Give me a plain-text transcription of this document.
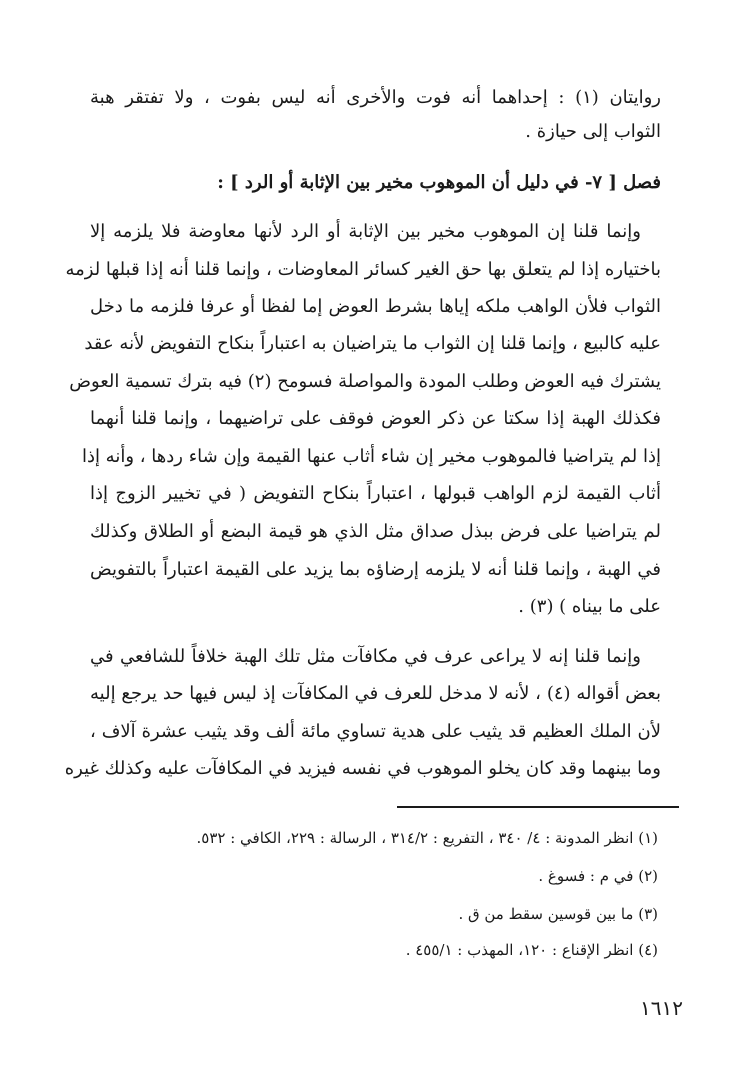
روايتان (١) : إحداهما أنه فوت والأخرى أنه ليس بفوت ، ولا تفتقر هبة
الثواب إلى حيازة .
فصل [ ٧- في دليل أن الموهوب مخير بين الإثابة أو الرد ] :
وإنما قلنا إن الموهوب مخير بين الإثابة أو الرد لأنها معاوضة فلا يلزمه إلا
باختياره إذا لم يتعلق بها حق الغير كسائر المعاوضات ، وإنما قلنا أنه إذا قبلها لزمه
الثواب فلأن الواهب ملكه إياها بشرط العوض إما لفظا أو عرفا فلزمه ما دخل
عليه كالبيع ، وإنما قلنا إن الثواب ما يتراضيان به اعتباراً بنكاح التفويض لأنه عقد
يشترك فيه العوض وطلب المودة والمواصلة فسومح (٢) فيه بترك تسمية العوض
فكذلك الهبة إذا سكتا عن ذكر العوض فوقف على تراضيهما ، وإنما قلنا أنهما
إذا لم يتراضيا فالموهوب مخير إن شاء أثاب عنها القيمة وإن شاء ردها ، وأنه إذا
أثاب القيمة لزم الواهب قبولها ، اعتباراً بنكاح التفويض ( في تخيير الزوج إذا
لم يتراضيا على فرض ببذل صداق مثل الذي هو قيمة البضع أو الطلاق وكذلك
في الهبة ، وإنما قلنا أنه لا يلزمه إرضاؤه بما يزيد على القيمة اعتباراً بالتفويض
على ما بيناه ) (٣) .
وإنما قلنا إنه لا يراعى عرف في مكافآت مثل تلك الهبة خلافاً للشافعي في
بعض أقواله (٤) ، لأنه لا مدخل للعرف في المكافآت إذ ليس فيها حد يرجع إليه
لأن الملك العظيم قد يثيب على هدية تساوي مائة ألف وقد يثيب عشرة آلاف ،
وما بينهما وقد كان يخلو الموهوب في نفسه فيزيد في المكافآت عليه وكذلك غيره
(١) انظر المدونة : ٤/ ٣٤٠ ، التفريع : ٣١٤/٢ ، الرسالة : ٢٢٩، الكافي : ٥٣٢.
(٢) في م : فسوغ .
(٣) ما بين قوسين سقط من ق .
(٤) انظر الإقناع : ١٢٠، المهذب : ٤٥٥/١ .
١٦١٢
